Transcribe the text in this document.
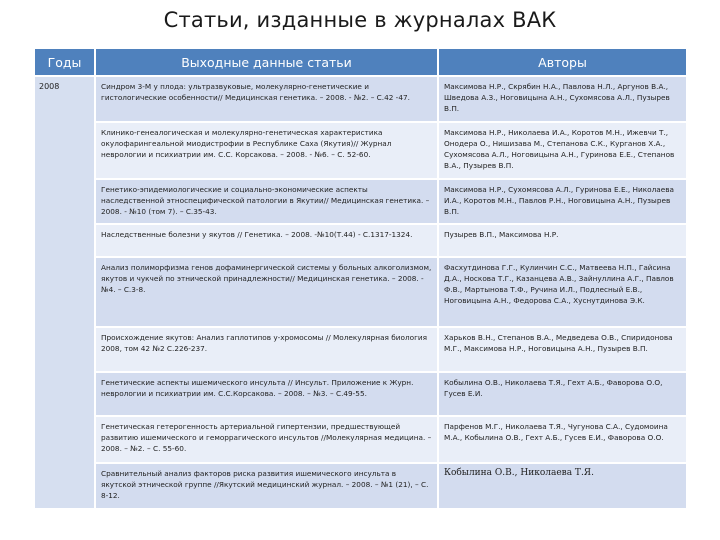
Статьи, изданные в журналах ВАК
Годы	Выходные данные статьи	Авторы
2008	Синдром 3-М у плода: ультразвуковые, молекулярно-генетические и гистологические особенности// Медицинская генетика. – 2008. - №2. – С.42 -47.	Максимова Н.Р., Скрябин Н.А., Павлова Н.Л., Аргунов В.А., Шведова А.З., Ноговицына А.Н., Сухомясова А.Л., Пузырев В.П.
	Клинико-генеалогическая и молекулярно-генетическая характеристика окулофарингеальной миодистрофии в Республике Саха (Якутия)// Журнал неврологии и психиатрии им. С.С. Корсакова. – 2008. - №6. – С. 52-60.	Максимова Н.Р., Николаева И.А., Коротов М.Н., Ижевчи Т., Онодера О., Нишизава М., Степанова С.К., Курганов Х.А., Сухомясова А.Л., Ноговицына А.Н., Гуринова Е.Е., Степанов В.А., Пузырев В.П.
	Генетико-эпидемиологические и социально-экономические аспекты наследственной этноспецифической патологии в Якутии// Медицинская генетика. – 2008. - №10 (том 7). – С.35-43.	Максимова Н.Р., Сухомясова А.Л., Гуринова Е.Е., Николаева И.А., Коротов М.Н., Павлов Р.Н., Ноговицына А.Н., Пузырев В.П.
	Наследственные болезни у якутов // Генетика. – 2008. -№10(Т.44) - С.1317-1324.	Пузырев В.П., Максимова Н.Р.
	Анализ полиморфизма генов дофаминергической системы у больных алкоголизмом, якутов и чукчей по этнической принадлежности// Медицинская генетика. – 2008. - №4. – С.3-8.	Фасхутдинова Г.Г., Кулинчин С.С., Матвеева Н.П., Гайсина Д.А., Носкова Т.Г., Казанцева А.В., Зайнуллина А.Г., Павлов Ф.В., Мартынова Т.Ф., Ручина И.Л., Подлесный Е.В., Ноговицына А.Н., Федорова С.А., Хуснутдинова Э.К.
	Происхождение якутов: Анализ гаплотипов у-хромосомы // Молекулярная биология 2008, том 42 №2 С.226-237.	Харьков В.Н., Степанов В.А., Медведева О.В., Спиридонова М.Г., Максимова Н.Р., Ноговицына А.Н., Пузырев В.П.
	Генетические аспекты ишемического инсульта // Инсульт. Приложение к Журн. неврологии и психиатрии им. С.С.Корсакова. – 2008. – №3. – С.49-55.	Кобылина О.В., Николаева Т.Я., Гехт А.Б., Фаворова О.О, Гусев Е.И.
	Генетическая гетерогенность артериальной гипертензии, предшествующей развитию ишемического и геморрагического инсультов //Молекулярная медицина. – 2008. – №2. – С. 55-60.	Парфенов М.Г., Николаева Т.Я., Чугунова С.А., Судомоина М.А., Кобылина О.В., Гехт А.Б., Гусев Е.И., Фаворова О.О.
	Сравнительный анализ факторов риска развития ишемического инсульта в якутской этнической группе //Якутский медицинский журнал. – 2008. – №1 (21), – С. 8-12.	Кобылина О.В., Николаева Т.Я.
